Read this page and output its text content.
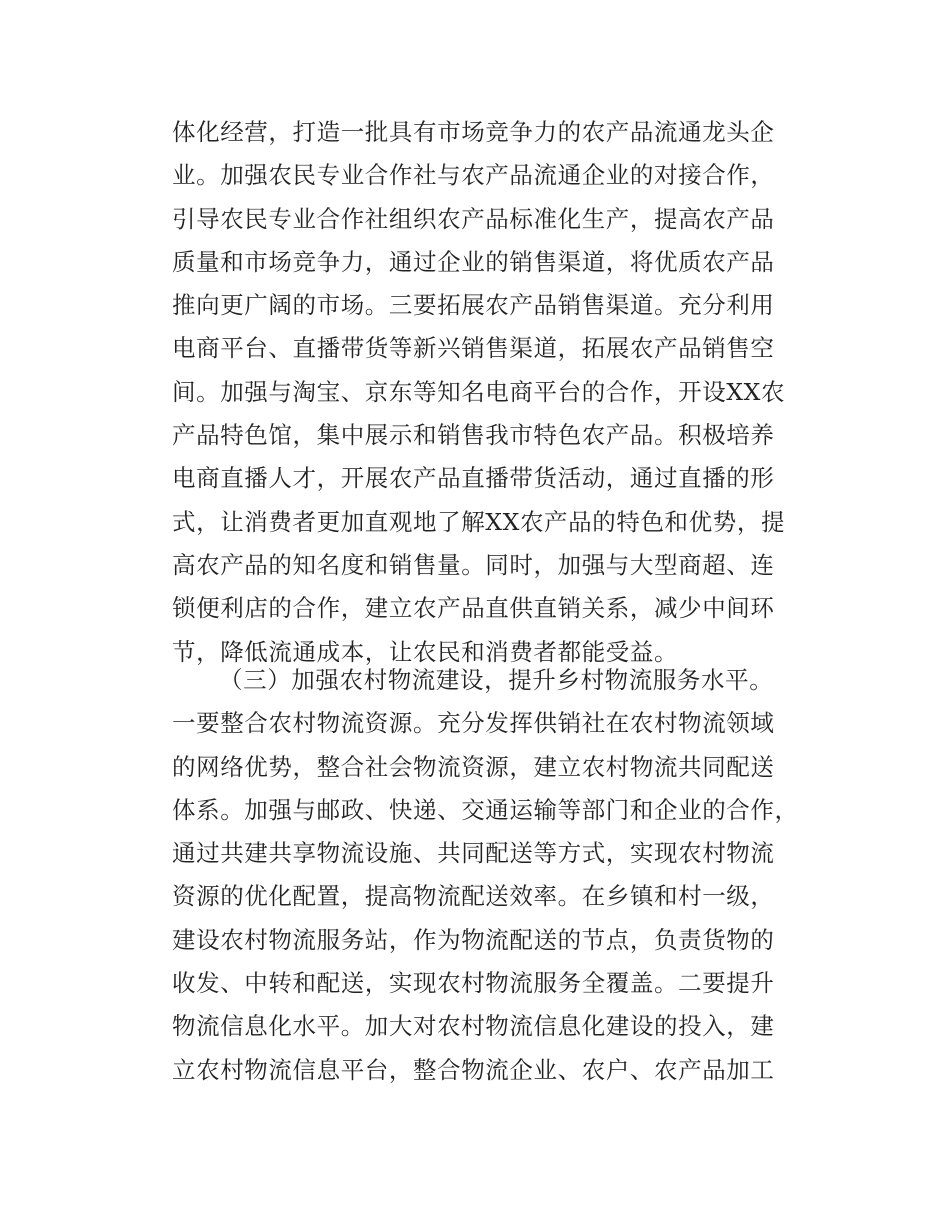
体化经营，打造一批具有市场竞争力的农产品流通龙头企
业。加强农民专业合作社与农产品流通企业的对接合作，
引导农民专业合作社组织农产品标准化生产，提高农产品
质量和市场竞争力，通过企业的销售渠道，将优质农产品
推向更广阔的市场。三要拓展农产品销售渠道。充分利用
电商平台、直播带货等新兴销售渠道，拓展农产品销售空
间。加强与淘宝、京东等知名电商平台的合作，开设XX农
产品特色馆，集中展示和销售我市特色农产品。积极培养
电商直播人才，开展农产品直播带货活动，通过直播的形
式，让消费者更加直观地了解XX农产品的特色和优势，提
高农产品的知名度和销售量。同时，加强与大型商超、连
锁便利店的合作，建立农产品直供直销关系，减少中间环
节，降低流通成本，让农民和消费者都能受益。
（三）加强农村物流建设，提升乡村物流服务水平。
一要整合农村物流资源。充分发挥供销社在农村物流领域
的网络优势，整合社会物流资源，建立农村物流共同配送
体系。加强与邮政、快递、交通运输等部门和企业的合作，
通过共建共享物流设施、共同配送等方式，实现农村物流
资源的优化配置，提高物流配送效率。在乡镇和村一级，
建设农村物流服务站，作为物流配送的节点，负责货物的
收发、中转和配送，实现农村物流服务全覆盖。二要提升
物流信息化水平。加大对农村物流信息化建设的投入，建
立农村物流信息平台，整合物流企业、农户、农产品加工
